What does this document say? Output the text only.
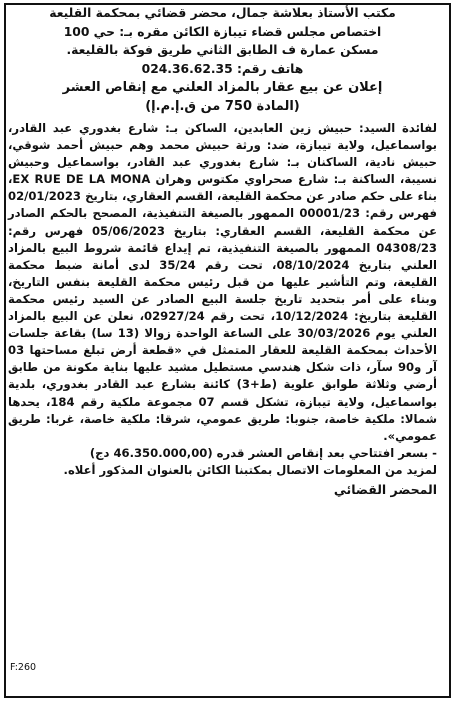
مكتب الأستاذ بعلاشة جمال، محضر قضائي بمحكمة القليعة
اختصاص مجلس قضاء تيبازة الكائن مقره بـ: حي 100
مسكن عمارة ف الطابق الثاني طريق فوكة بالقليعة.
هاتف رقم: 024.36.62.35
إعلان عن بيع عقار بالمزاد العلني مع إنقاص العشر
(المادة 750 من ق.إ.م.إ)

لفائدة السيد: حبيش زين العابدين، الساكن بـ: شارع بغدوري عبد القادر، بواسماعيل، ولاية تيبازة، ضد: ورثة حبيش محمد وهم حبيش أحمد شوقي، حبيش نادية، الساكنان بـ: شارع بغدوري عبد القادر، بواسماعيل وحبيش نسيبة، الساكنة بـ: شارع صحراوي مكتوس وهران EX RUE DE LA MONA، بناء على حكم صادر عن محكمة القليعة، القسم العقاري، بتاريخ 02/01/2023 فهرس رقم: 00001/23 الممهور بالصيغة التنفيذية، المصحح بالحكم الصادر عن محكمة القليعة، القسم العقاري: بتاريخ 05/06/2023 فهرس رقم: 04308/23 الممهور بالصيغة التنفيذية، تم إيداع قائمة شروط البيع بالمزاد العلني بتاريخ 08/10/2024، تحت رقم 35/24 لدى أمانة ضبط محكمة القليعة، وتم التأشير عليها من قبل رئيس محكمة القليعة بنفس التاريخ، وبناء على أمر بتحديد تاريخ جلسة البيع الصادر عن السيد رئيس محكمة القليعة بتاريخ: 10/12/2024، تحت رقم 02927/24، نعلن عن البيع بالمزاد العلني يوم 30/03/2026 على الساعة الواحدة زوالا (13 سا) بقاعة جلسات الأحداث بمحكمة القليعة للعقار المتمثل في «قطعة أرض تبلغ مساحتها 03 آر و90 سآر، ذات شكل هندسي مستطيل مشيد عليها بناية مكونة من طابق أرضي وثلاثة طوابق علوية (ط+3) كائنة بشارع عبد القادر بغدوري، بلدية بواسماعيل، ولاية تيبازة، تشكل قسم 07 مجموعة ملكية رقم 184، يحدها شمالا: ملكية خاصة، جنوبا: طريق عمومي، شرقا: ملكية خاصة، غربا: طريق عمومي».

- بسعر افتتاحي بعد إنقاص العشر قدره (46.350.000,00 دج)

لمزيد من المعلومات الاتصال بمكتبنا الكائن بالعنوان المذكور أعلاه.

المحضر القضائي

F:260
